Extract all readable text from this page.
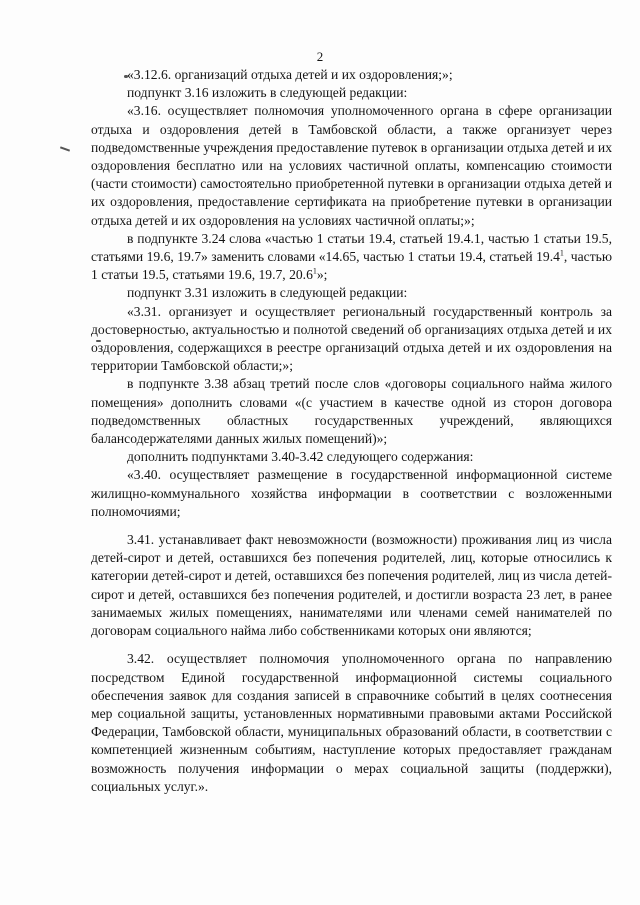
2

«3.12.6. организаций отдыха детей и их оздоровления;»;

подпункт 3.16 изложить в следующей редакции:

«3.16. осуществляет полномочия уполномоченного органа в сфере организации отдыха и оздоровления детей в Тамбовской области, а также организует через подведомственные учреждения предоставление путевок в организации отдыха детей и их оздоровления бесплатно или на условиях частичной оплаты, компенсацию стоимости (части стоимости) самостоятельно приобретенной путевки в организации отдыха детей и их оздоровления, предоставление сертификата на приобретение путевки в организации отдыха детей и их оздоровления на условиях частичной оплаты;»;

в подпункте 3.24 слова «частью 1 статьи 19.4, статьей 19.4.1, частью 1 статьи 19.5, статьями 19.6, 19.7» заменить словами «14.65, частью 1 статьи 19.4, статьей 19.4$^1$, частью 1 статьи 19.5, статьями 19.6, 19.7, 20.6$^1$»;

подпункт 3.31 изложить в следующей редакции:

«3.31. организует и осуществляет региональный государственный контроль за достоверностью, актуальностью и полнотой сведений об организациях отдыха детей и их оздоровления, содержащихся в реестре организаций отдыха детей и их оздоровления на территории Тамбовской области;»;

в подпункте 3.38 абзац третий после слов «договоры социального найма жилого помещения» дополнить словами «(с участием в качестве одной из сторон договора подведомственных областных государственных учреждений, являющихся балансодержателями данных жилых помещений)»;

дополнить подпунктами 3.40-3.42 следующего содержания:

«3.40. осуществляет размещение в государственной информационной системе жилищно-коммунального хозяйства информации в соответствии с возложенными полномочиями;

3.41. устанавливает факт невозможности (возможности) проживания лиц из числа детей-сирот и детей, оставшихся без попечения родителей, лиц, которые относились к категории детей-сирот и детей, оставшихся без попечения родителей, лиц из числа детей-сирот и детей, оставшихся без попечения родителей, и достигли возраста 23 лет, в ранее занимаемых жилых помещениях, нанимателями или членами семей нанимателей по договорам социального найма либо собственниками которых они являются;

3.42. осуществляет полномочия уполномоченного органа по направлению посредством Единой государственной информационной системы социального обеспечения заявок для создания записей в справочнике событий в целях соотнесения мер социальной защиты, установленных нормативными правовыми актами Российской Федерации, Тамбовской области, муниципальных образований области, в соответствии с компетенцией жизненным событиям, наступление которых предоставляет гражданам возможность получения информации о мерах социальной защиты (поддержки), социальных услуг.».
